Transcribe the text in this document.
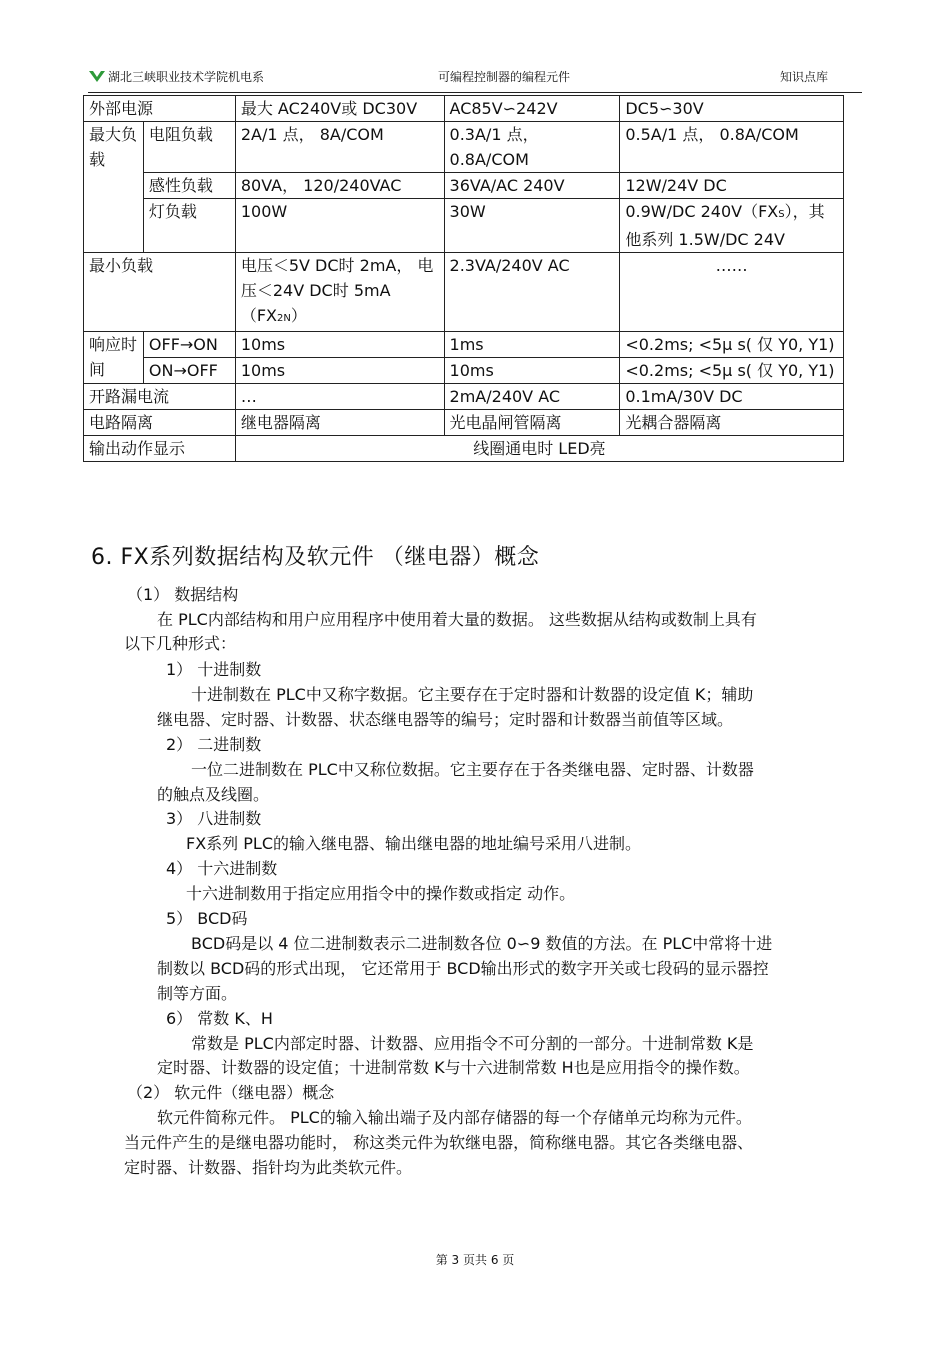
湖北三峡职业技术学院机电系	可编程控制器的编程元件	知识点库
外部电源		最大 AC240V或 DC30V	AC85V∽242V	DC5∽30V
最大负载	电阻负载	2A/1 点， 8A/COM	0.3A/1 点， 0.8A/COM	0.5A/1 点， 0.8A/COM
	感性负载	80VA， 120/240VAC	36VA/AC 240V	12W/24V DC
	灯负载	100W	30W	0.9W/DC 240V（FXS），其他系列 1.5W/DC 24V
最小负载		电压＜5V DC时 2mA， 电压＜24V DC时 5mA（FX2N）	2.3VA/240V AC	……
响应时间	OFF→ON	10ms	1ms	<0.2ms; <5μ s( 仅 Y0, Y1)
	ON→OFF	10ms	10ms	<0.2ms; <5μ s( 仅 Y0, Y1)
开路漏电流		…	2mA/240V AC	0.1mA/30V DC
电路隔离		继电器隔离	光电晶闸管隔离	光耦合器隔离
输出动作显示		线圈通电时 LED亮		
6. FX系列数据结构及软元件 （继电器）概念
（1） 数据结构
在 PLC内部结构和用户应用程序中使用着大量的数据。 这些数据从结构或数制上具有
以下几种形式：
1） 十进制数
十进制数在 PLC中又称字数据。它主要存在于定时器和计数器的设定值 K；辅助
继电器、定时器、计数器、状态继电器等的编号；定时器和计数器当前值等区域。
2） 二进制数
一位二进制数在 PLC中又称位数据。它主要存在于各类继电器、定时器、计数器
的触点及线圈。
3） 八进制数
FX系列 PLC的输入继电器、输出继电器的地址编号采用八进制。
4） 十六进制数
十六进制数用于指定应用指令中的操作数或指定 动作。
5） BCD码
BCD码是以 4 位二进制数表示二进制数各位 0∽9 数值的方法。在 PLC中常将十进
制数以 BCD码的形式出现， 它还常用于 BCD输出形式的数字开关或七段码的显示器控
制等方面。
6） 常数 K、H
常数是 PLC内部定时器、计数器、应用指令不可分割的一部分。十进制常数 K是
定时器、计数器的设定值；十进制常数 K与十六进制常数 H也是应用指令的操作数。
（2） 软元件（继电器）概念
软元件简称元件。 PLC的输入输出端子及内部存储器的每一个存储单元均称为元件。
当元件产生的是继电器功能时， 称这类元件为软继电器，简称继电器。其它各类继电器、
定时器、计数器、指针均为此类软元件。
第 3 页共 6 页
